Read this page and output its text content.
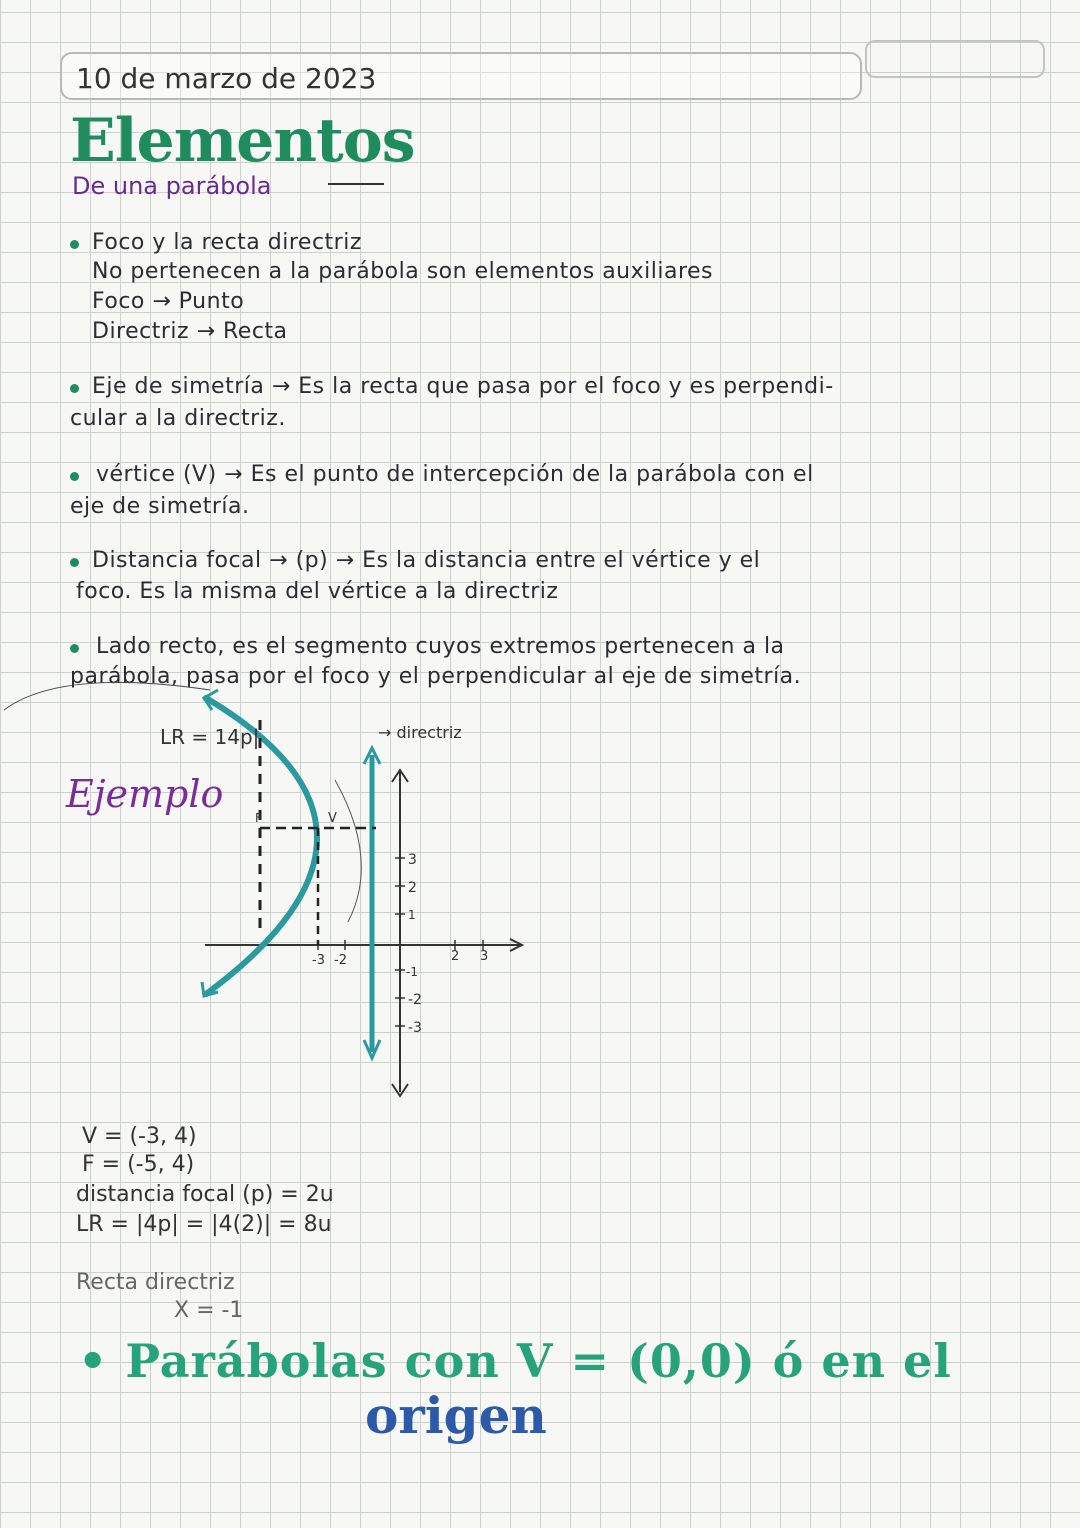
10 de marzo de 2023

Elementos

De una parábola

Foco y la recta directriz

No pertenecen a la parábola son elementos auxiliares

Foco → Punto

Directriz → Recta

Eje de simetría → Es la recta que pasa por el foco y es perpendi-

cular a la directriz.

vértice (V) → Es el punto de intercepción de la parábola con el

eje de simetría.

Distancia focal → (p) → Es la distancia entre el vértice y el

foco. Es la misma del vértice a la directriz

Lado recto, es el segmento cuyos extremos pertenecen a la

parábola, pasa por el foco y el perpendicular al eje de simetría.

Ejemplo

3
2
1
-1
-2
-3
-3 -2	2 3
F	V
LR = 14p|	→ directriz

V = (-3, 4)

F = (-5, 4)

distancia focal (p) = 2u

LR = |4p| = |4(2)| = 8u

Recta directriz

X = -1

• Parábolas con V = (0,0) ó en el

origen
